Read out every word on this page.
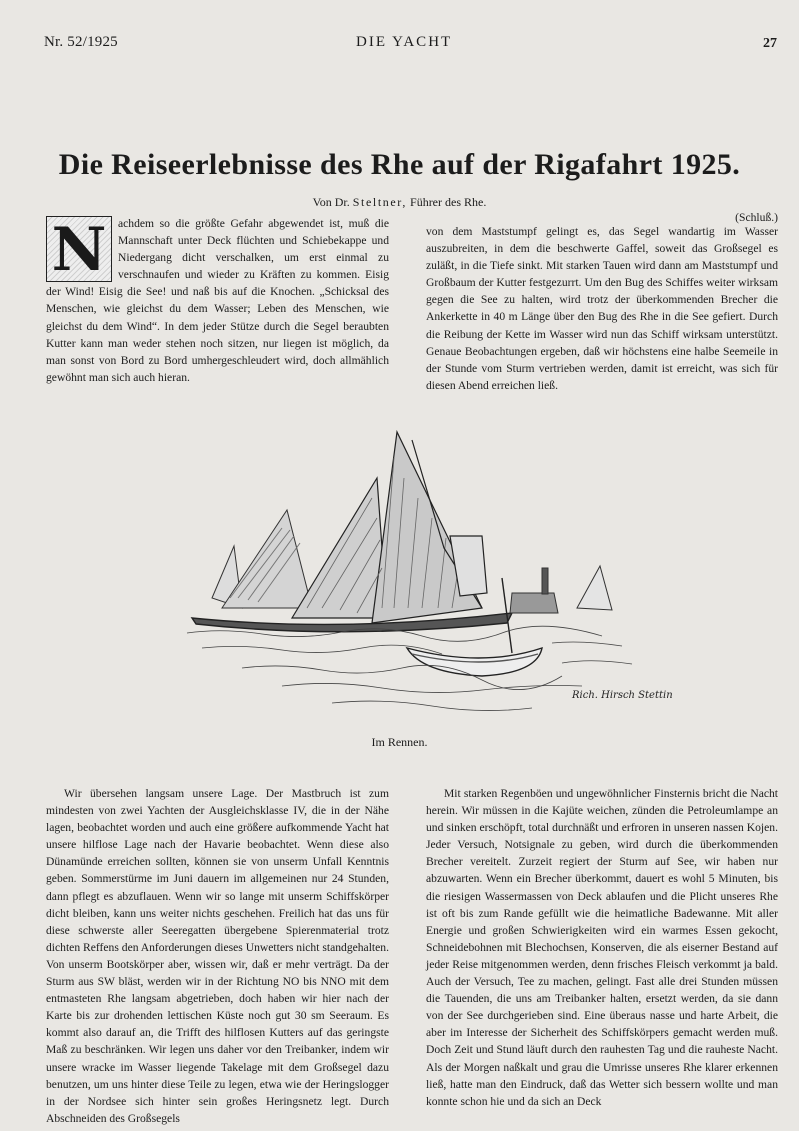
Nr. 52/1925	DIE YACHT	27
Die Reiseerlebnisse des Rhe auf der Rigafahrt 1925.
Von Dr. Steltner, Führer des Rhe.

N achdem so die größte Gefahr abgewendet ist, muß die Mannschaft unter Deck flüchten und Schiebekappe und Niedergang dicht verschalken, um erst einmal zu verschnaufen und wieder zu Kräften zu kommen. Eisig der Wind! Eisig die See! und naß bis auf die Knochen. „Schicksal des Menschen, wie gleichst du dem Wasser; Leben des Menschen, wie gleichst du dem Wind“. In dem jeder Stütze durch die Segel beraubten Kutter kann man weder stehen noch sitzen, nur liegen ist möglich, da man sonst von Bord zu Bord umhergeschleudert wird, doch allmählich gewöhnt man sich auch hieran.

(Schluß.)

von dem Maststumpf gelingt es, das Segel wandartig im Wasser auszubreiten, in dem die beschwerte Gaffel, soweit das Großsegel es zuläßt, in die Tiefe sinkt. Mit starken Tauen wird dann am Maststumpf und Großbaum der Kutter festgezurrt. Um den Bug des Schiffes weiter wirksam gegen die See zu halten, wird trotz der überkommenden Brecher die Ankerkette in 40 m Länge über den Bug des Rhe in die See gefiert. Durch die Reibung der Kette im Wasser wird nun das Schiff wirksam unterstützt. Genaue Beobachtungen ergeben, daß wir höchstens eine halbe Seemeile in der Stunde vom Sturm vertrieben werden, damit ist erreicht, was sich für diesen Abend erreichen ließ.

Rich. Hirsch Stettin
Im Rennen.

Wir übersehen langsam unsere Lage. Der Mastbruch ist zum mindesten von zwei Yachten der Ausgleichsklasse IV, die in der Nähe lagen, beobachtet worden und auch eine größere aufkommende Yacht hat unsere hilflose Lage nach der Havarie beobachtet. Wenn diese also Dünamünde erreichen sollten, können sie von unserm Unfall Kenntnis geben. Sommerstürme im Juni dauern im allgemeinen nur 24 Stunden, dann pflegt es abzuflauen. Wenn wir so lange mit unserm Schiffskörper dicht bleiben, kann uns weiter nichts geschehen. Freilich hat das uns für diese schwerste aller Seeregatten übergebene Spierenmaterial trotz dichten Reffens den Anforderungen dieses Unwetters nicht standgehalten. Von unserm Bootskörper aber, wissen wir, daß er mehr verträgt. Da der Sturm aus SW bläst, werden wir in der Richtung NO bis NNO mit dem entmasteten Rhe langsam abgetrieben, doch haben wir hier nach der Karte bis zur drohenden lettischen Küste noch gut 30 sm Seeraum. Es kommt also darauf an, die Trifft des hilflosen Kutters auf das geringste Maß zu beschränken. Wir legen uns daher vor den Treibanker, indem wir unsere wracke im Wasser liegende Takelage mit dem Großsegel dazu benutzen, um uns hinter diese Teile zu legen, etwa wie der Heringslogger in der Nordsee sich hinter sein großes Heringsnetz legt. Durch Abschneiden des Großsegels

Mit starken Regenböen und ungewöhnlicher Finsternis bricht die Nacht herein. Wir müssen in die Kajüte weichen, zünden die Petroleumlampe an und sinken erschöpft, total durchnäßt und erfroren in unseren nassen Kojen. Jeder Versuch, Notsignale zu geben, wird durch die überkommenden Brecher vereitelt. Zurzeit regiert der Sturm auf See, wir haben nur abzuwarten. Wenn ein Brecher überkommt, dauert es wohl 5 Minuten, bis die riesigen Wassermassen von Deck ablaufen und die Plicht unseres Rhe ist oft bis zum Rande gefüllt wie die heimatliche Badewanne. Mit aller Energie und großen Schwierigkeiten wird ein warmes Essen gekocht, Schneidebohnen mit Blechochsen, Konserven, die als eiserner Bestand auf jeder Reise mitgenommen werden, denn frisches Fleisch verkommt ja bald. Auch der Versuch, Tee zu machen, gelingt. Fast alle drei Stunden müssen die Tauenden, die uns am Treibanker halten, ersetzt werden, da sie dann von der See durchgerieben sind. Eine überaus nasse und harte Arbeit, die aber im Interesse der Sicherheit des Schiffskörpers gemacht werden muß. Doch Zeit und Stund läuft durch den rauhesten Tag und die rauheste Nacht. Als der Morgen naßkalt und grau die Umrisse unseres Rhe klarer erkennen ließ, hatte man den Eindruck, daß das Wetter sich bessern wollte und man konnte schon hie und da sich an Deck
